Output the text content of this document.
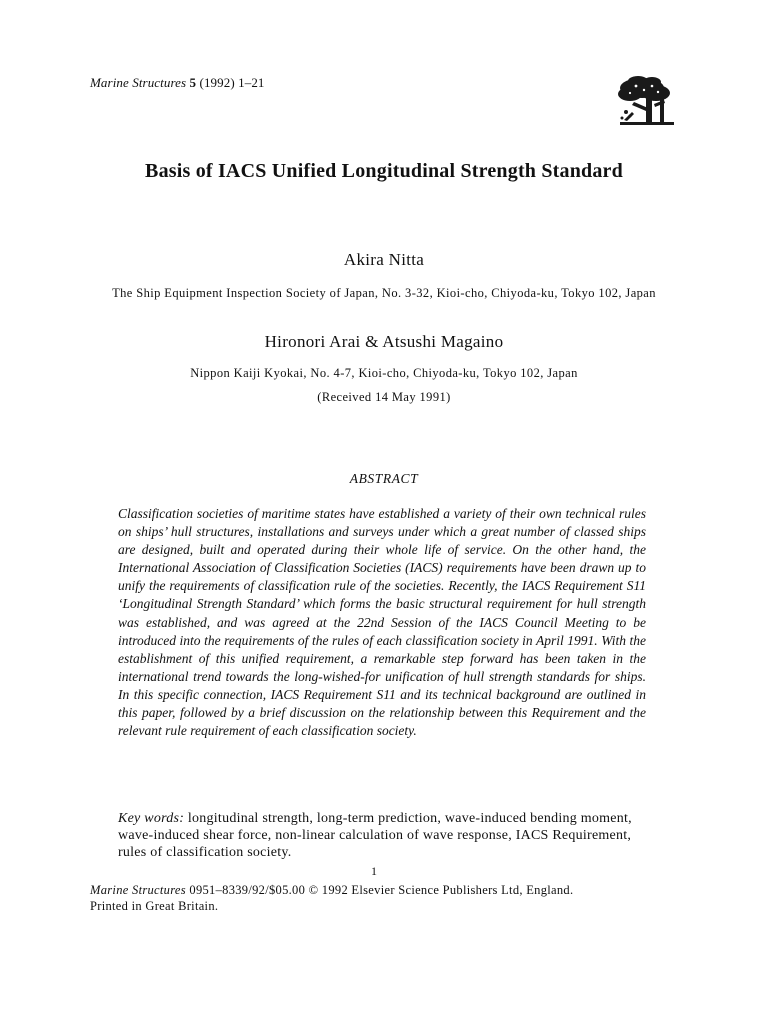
Marine Structures 5 (1992) 1–21
Basis of IACS Unified Longitudinal Strength Standard
Akira Nitta
The Ship Equipment Inspection Society of Japan, No. 3-32, Kioi-cho, Chiyoda-ku, Tokyo 102, Japan
Hironori Arai & Atsushi Magaino
Nippon Kaiji Kyokai, No. 4-7, Kioi-cho, Chiyoda-ku, Tokyo 102, Japan
(Received 14 May 1991)
ABSTRACT
Classification societies of maritime states have established a variety of their own technical rules on ships’ hull structures, installations and surveys under which a great number of classed ships are designed, built and operated during their whole life of service. On the other hand, the International Association of Classification Societies (IACS) requirements have been drawn up to unify the requirements of classification rule of the societies. Recently, the IACS Requirement S11 ‘Longitudinal Strength Standard’ which forms the basic structural requirement for hull strength was established, and was agreed at the 22nd Session of the IACS Council Meeting to be introduced into the requirements of the rules of each classification society in April 1991. With the establishment of this unified requirement, a remarkable step forward has been taken in the international trend towards the long-wished-for unification of hull strength standards for ships. In this specific connection, IACS Requirement S11 and its technical background are outlined in this paper, followed by a brief discussion on the relationship between this Requirement and the relevant rule requirement of each classification society.
Key words: longitudinal strength, long-term prediction, wave-induced bending moment, wave-induced shear force, non-linear calculation of wave response, IACS Requirement, rules of classification society.
1
Marine Structures 0951–8339/92/$05.00 © 1992 Elsevier Science Publishers Ltd, England.
Printed in Great Britain.
